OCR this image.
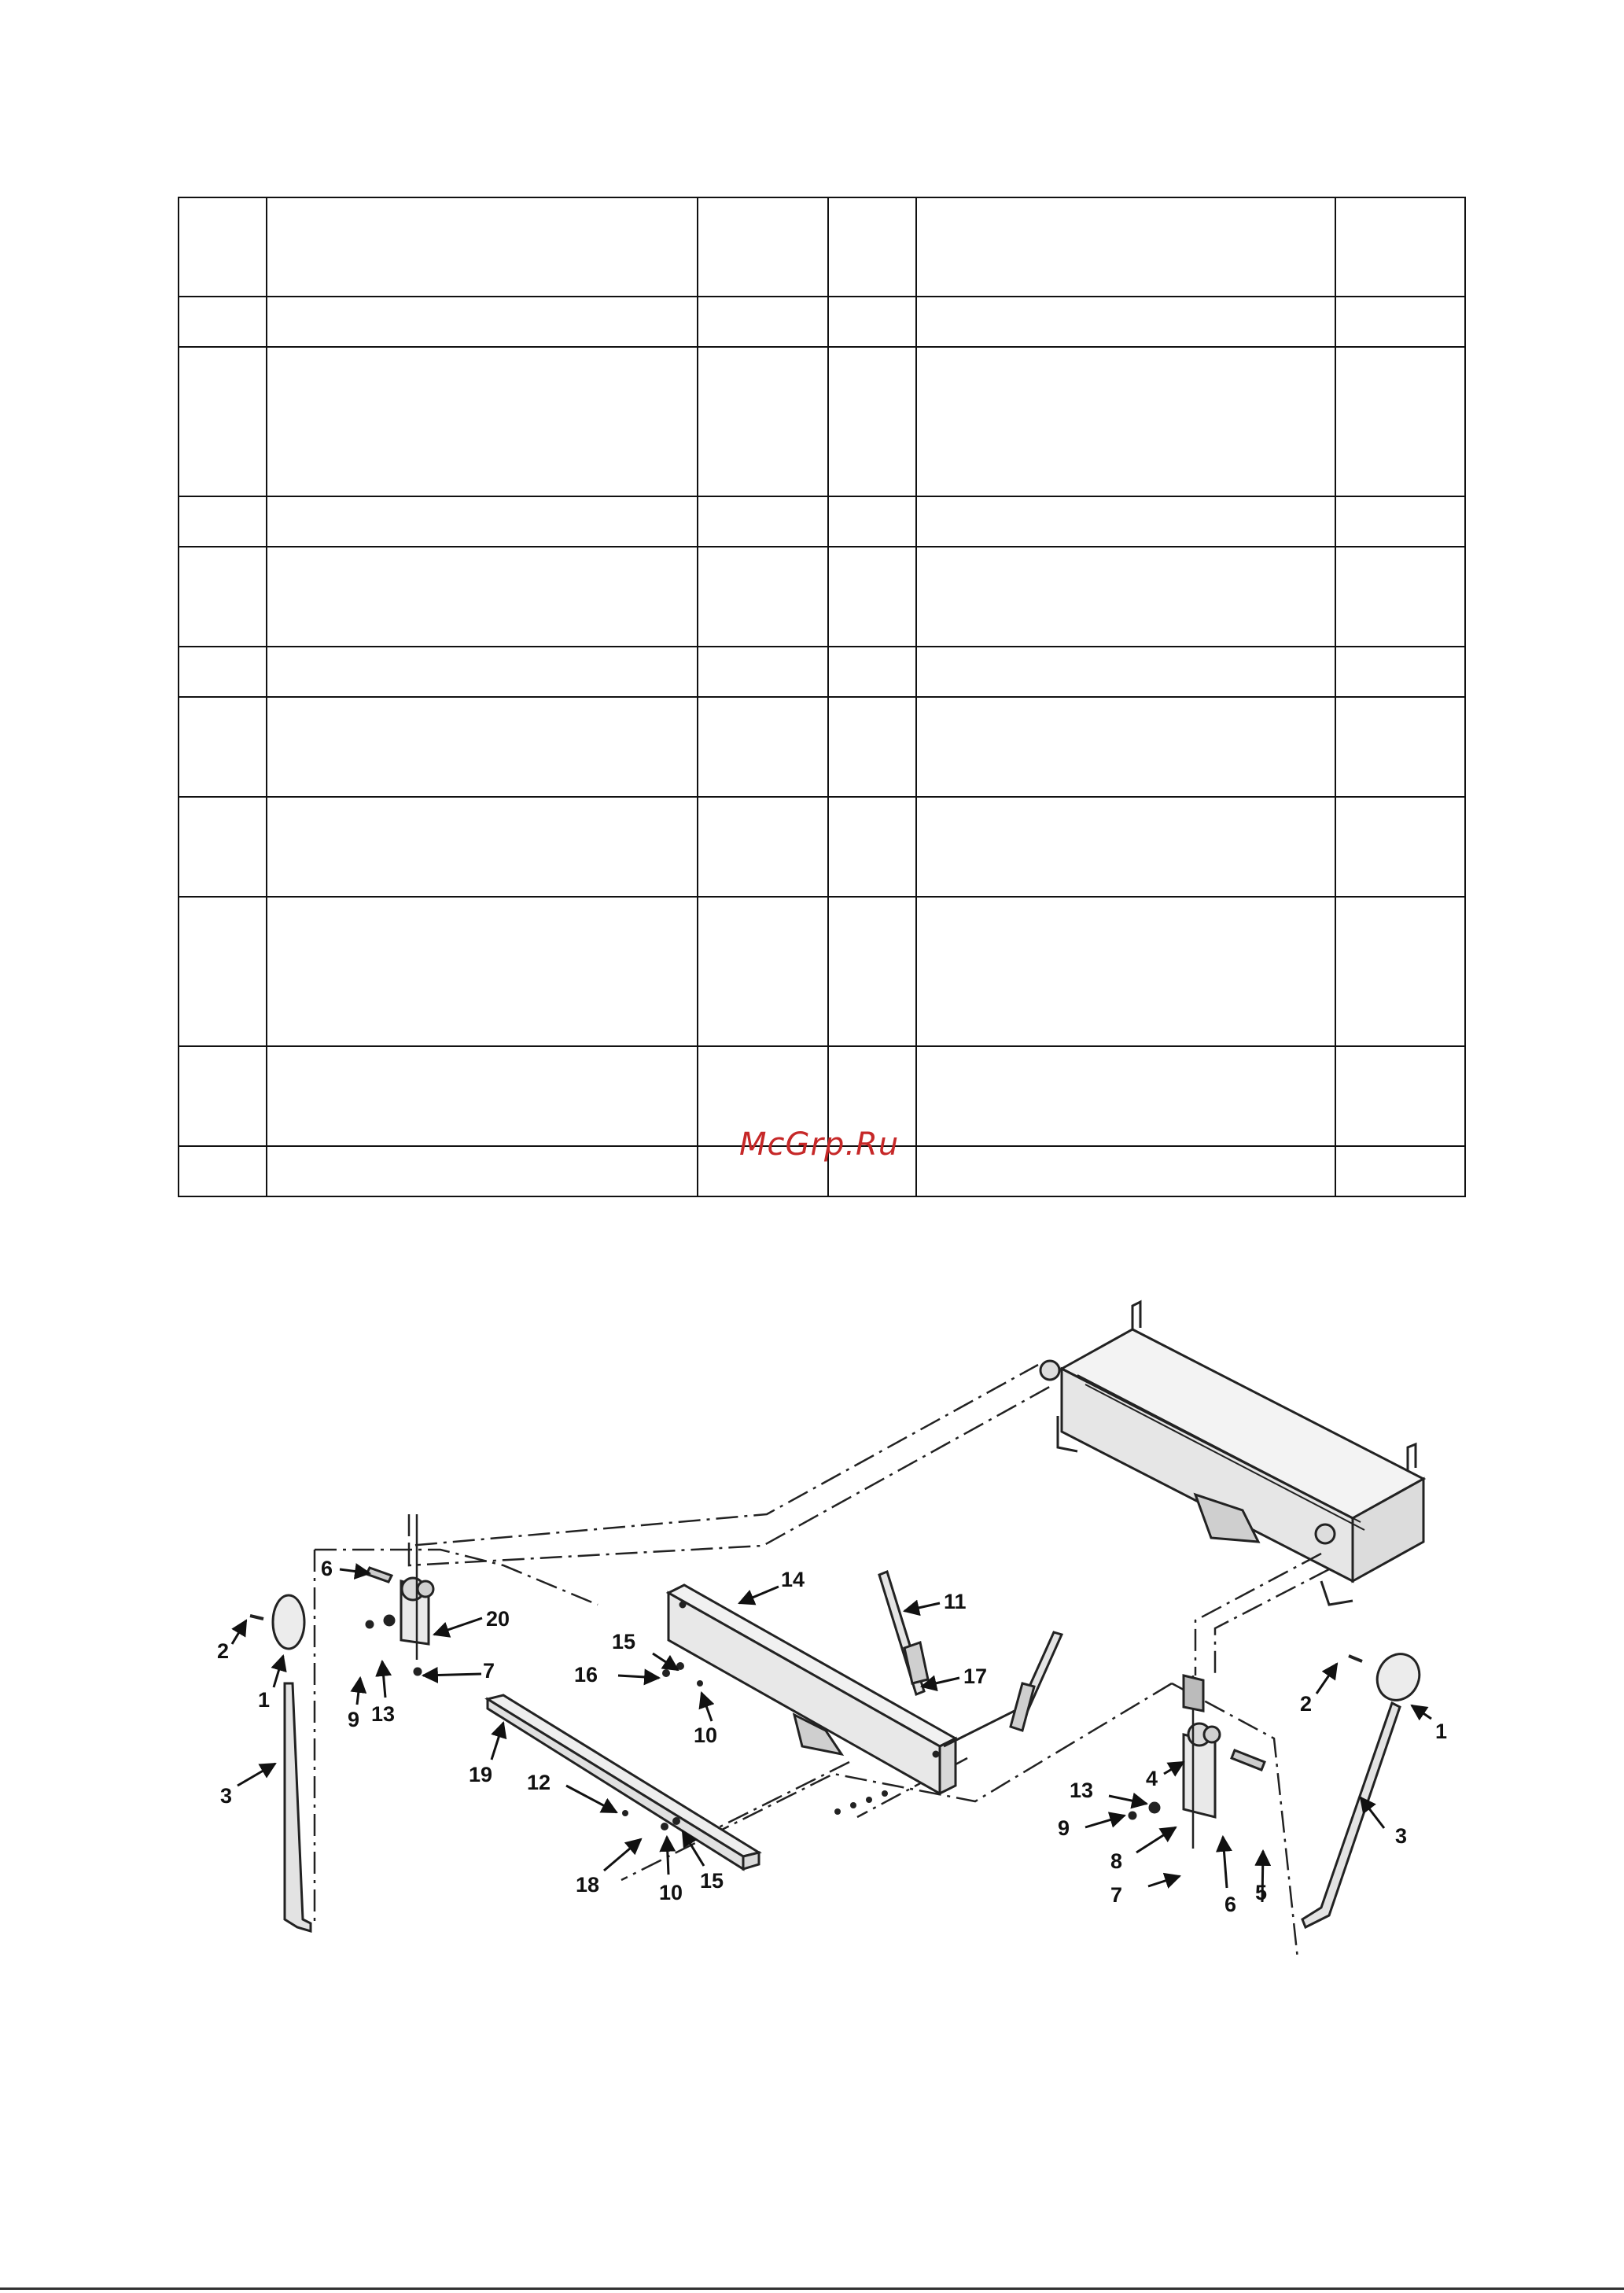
McGrp.Ru
1
2
3
6
7
9 13
20
14
15
16
10
11
17
19 12
18	10 15
4
13
9
8
7	6 5
1
2
3
